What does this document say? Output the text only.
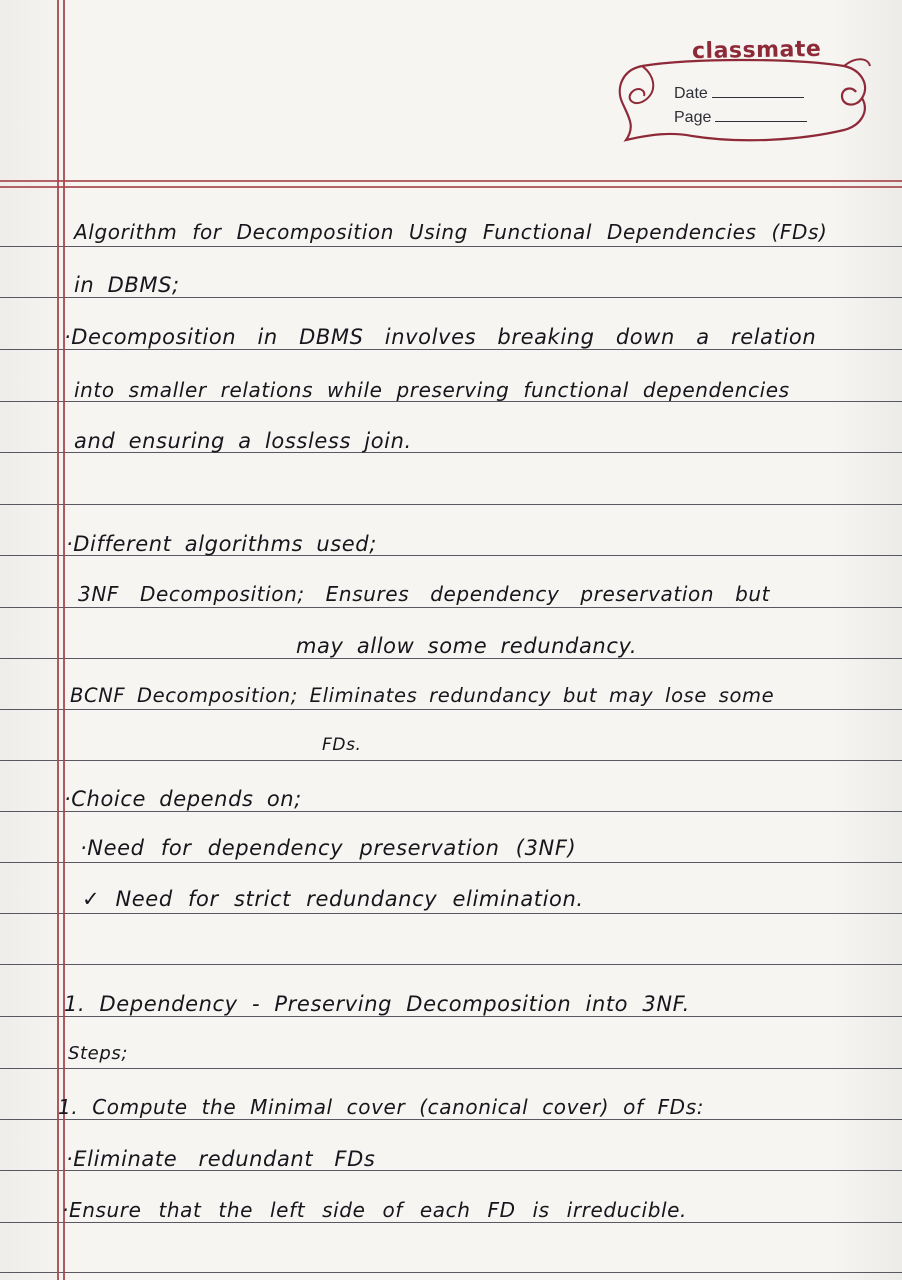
classmate
Date
Page
Algorithm for Decomposition Using Functional Dependencies (FDs)
in DBMS;
·Decomposition in DBMS involves breaking down a relation
into smaller relations while preserving functional dependencies
and ensuring a lossless join.
·Different algorithms used;
3NF Decomposition; Ensures dependency preservation but
may allow some redundancy.
BCNF Decomposition; Eliminates redundancy but may lose some
FDs.
·Choice depends on;
·Need for dependency preservation (3NF)
✓ Need for strict redundancy elimination.
1. Dependency - Preserving Decomposition into 3NF.
Steps;
1. Compute the Minimal cover (canonical cover) of FDs:
·Eliminate redundant FDs
·Ensure that the left side of each FD is irreducible.
